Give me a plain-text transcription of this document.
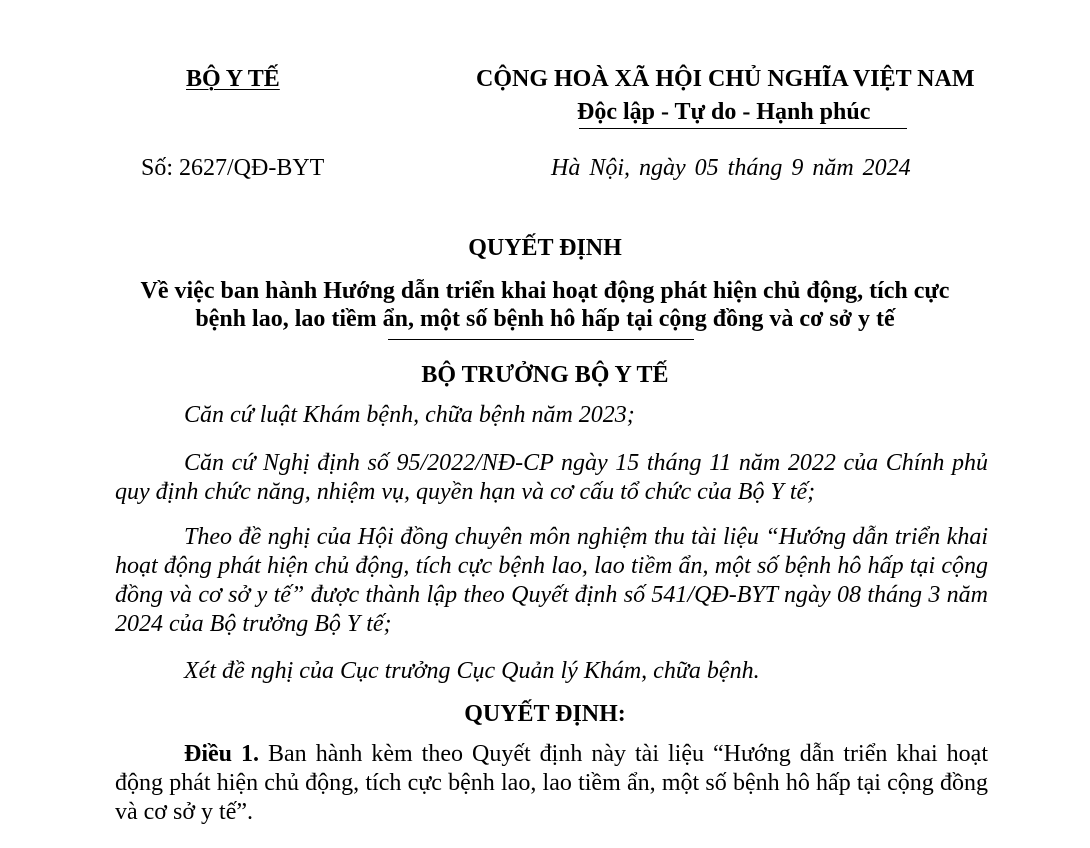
BỘ Y TẾ	CỘNG HOÀ XÃ HỘI CHỦ NGHĨA VIỆT NAM
Độc lập - Tự do - Hạnh phúc
Số: 2627/QĐ-BYT	Hà Nội, ngày 05 tháng 9 năm 2024
QUYẾT ĐỊNH
Về việc ban hành Hướng dẫn triển khai hoạt động phát hiện chủ động, tích cực
bệnh lao, lao tiềm ẩn, một số bệnh hô hấp tại cộng đồng và cơ sở y tế
BỘ TRƯỞNG BỘ Y TẾ
Căn cứ luật Khám bệnh, chữa bệnh năm 2023;
Căn cứ Nghị định số 95/2022/NĐ-CP ngày 15 tháng 11 năm 2022 của Chính phủ quy định chức năng, nhiệm vụ, quyền hạn và cơ cấu tổ chức của Bộ Y tế;
Theo đề nghị của Hội đồng chuyên môn nghiệm thu tài liệu “Hướng dẫn triển khai hoạt động phát hiện chủ động, tích cực bệnh lao, lao tiềm ẩn, một số bệnh hô hấp tại cộng đồng và cơ sở y tế” được thành lập theo Quyết định số 541/QĐ-BYT ngày 08 tháng 3 năm 2024 của Bộ trưởng Bộ Y tế;
Xét đề nghị của Cục trưởng Cục Quản lý Khám, chữa bệnh.
QUYẾT ĐỊNH:
Điều 1. Ban hành kèm theo Quyết định này tài liệu “Hướng dẫn triển khai hoạt động phát hiện chủ động, tích cực bệnh lao, lao tiềm ẩn, một số bệnh hô hấp tại cộng đồng và cơ sở y tế”.
